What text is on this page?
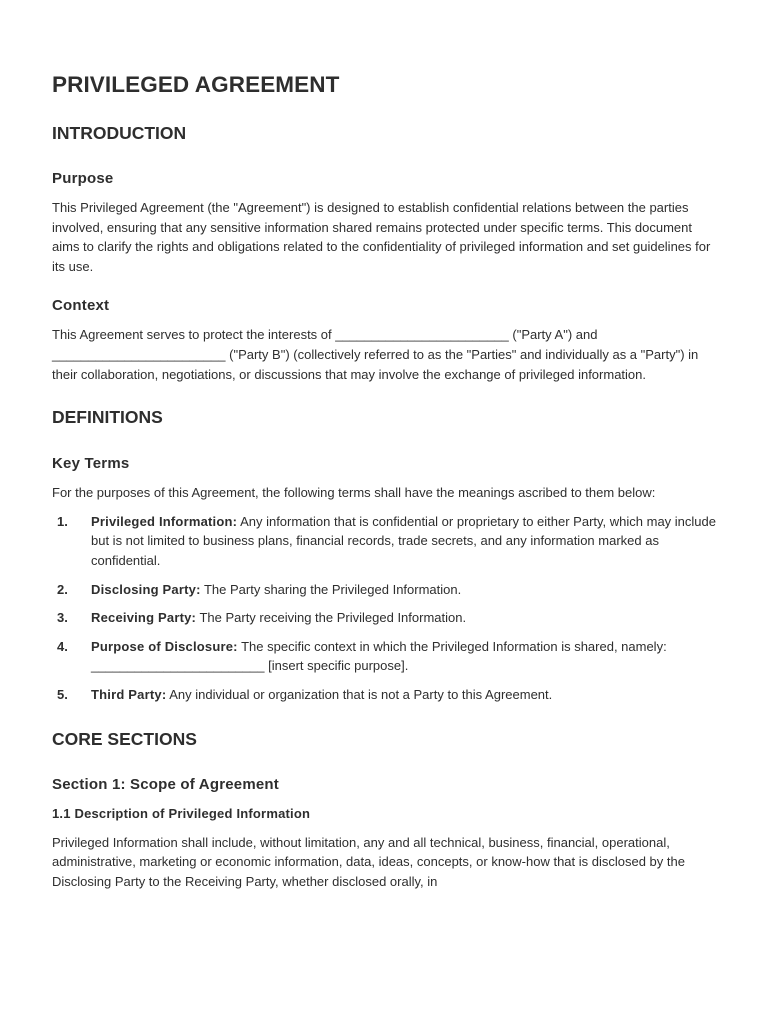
PRIVILEGED AGREEMENT
INTRODUCTION
Purpose

This Privileged Agreement (the "Agreement") is designed to establish confidential relations between the parties involved, ensuring that any sensitive information shared remains protected under specific terms. This document aims to clarify the rights and obligations related to the confidentiality of privileged information and set guidelines for its use.

Context

This Agreement serves to protect the interests of ________________________ ("Party A") and ________________________ ("Party B") (collectively referred to as the "Parties" and individually as a "Party") in their collaboration, negotiations, or discussions that may involve the exchange of privileged information.

DEFINITIONS
Key Terms

For the purposes of this Agreement, the following terms shall have the meanings ascribed to them below:

1. Privileged Information: Any information that is confidential or proprietary to either Party, which may include but is not limited to business plans, financial records, trade secrets, and any information marked as confidential.
2. Disclosing Party: The Party sharing the Privileged Information.
3. Receiving Party: The Party receiving the Privileged Information.
4. Purpose of Disclosure: The specific context in which the Privileged Information is shared, namely: ________________________ [insert specific purpose].
5. Third Party: Any individual or organization that is not a Party to this Agreement.
CORE SECTIONS
Section 1: Scope of Agreement
1.1 Description of Privileged Information

Privileged Information shall include, without limitation, any and all technical, business, financial, operational, administrative, marketing or economic information, data, ideas, concepts, or know-how that is disclosed by the Disclosing Party to the Receiving Party, whether disclosed orally, in
